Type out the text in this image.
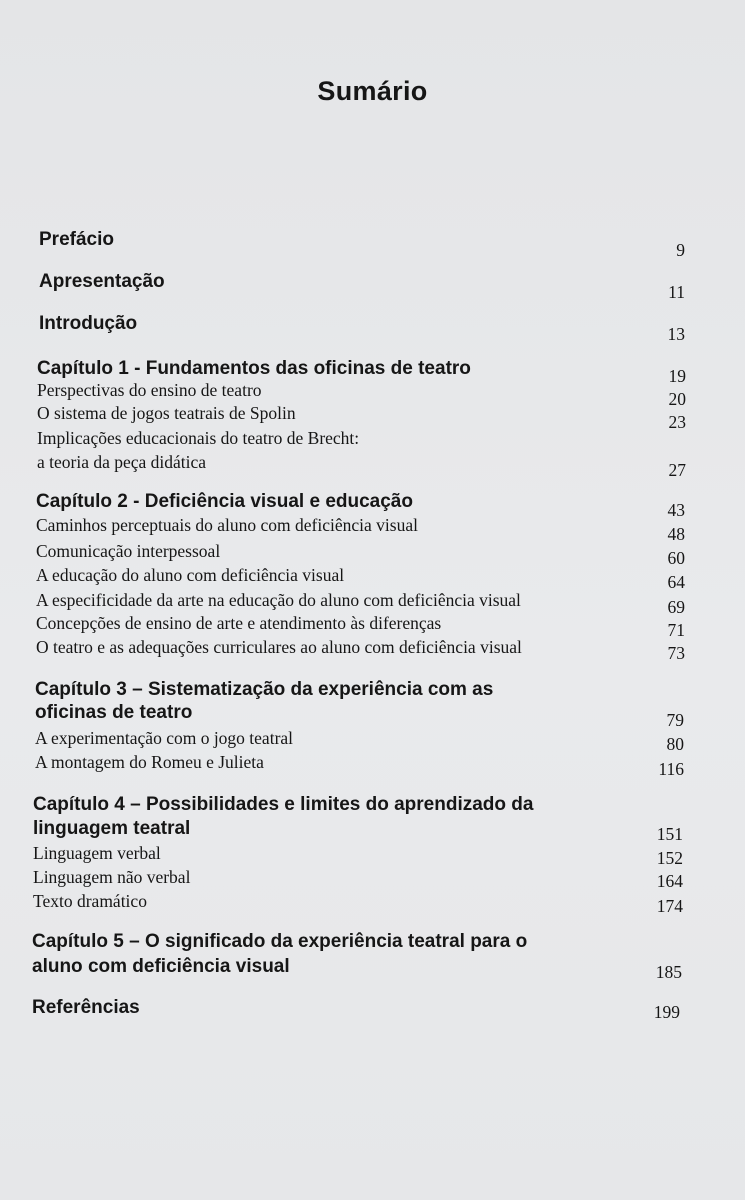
Sumário
Prefácio	9
Apresentação	11
Introdução	13
Capítulo 1 - Fundamentos das oficinas de teatro	19
Perspectivas do ensino de teatro	20
O sistema de jogos teatrais de Spolin	23
Implicações educacionais do teatro de Brecht:
a teoria da peça didática	27
Capítulo 2 - Deficiência visual e educação	43
Caminhos perceptuais do aluno com deficiência visual	48
Comunicação interpessoal	60
A educação do aluno com deficiência visual	64
A especificidade da arte na educação do aluno com deficiência visual	69
Concepções de ensino de arte e atendimento às diferenças	71
O teatro e as adequações curriculares ao aluno com deficiência visual	73
Capítulo 3 – Sistematização da experiência com as
oficinas de teatro	79
A experimentação com o jogo teatral	80
A montagem do Romeu e Julieta	116
Capítulo 4 – Possibilidades e limites do aprendizado da
linguagem teatral	151
Linguagem verbal	152
Linguagem não verbal	164
Texto dramático	174
Capítulo 5 – O significado da experiência teatral para o
aluno com deficiência visual	185
Referências	199
